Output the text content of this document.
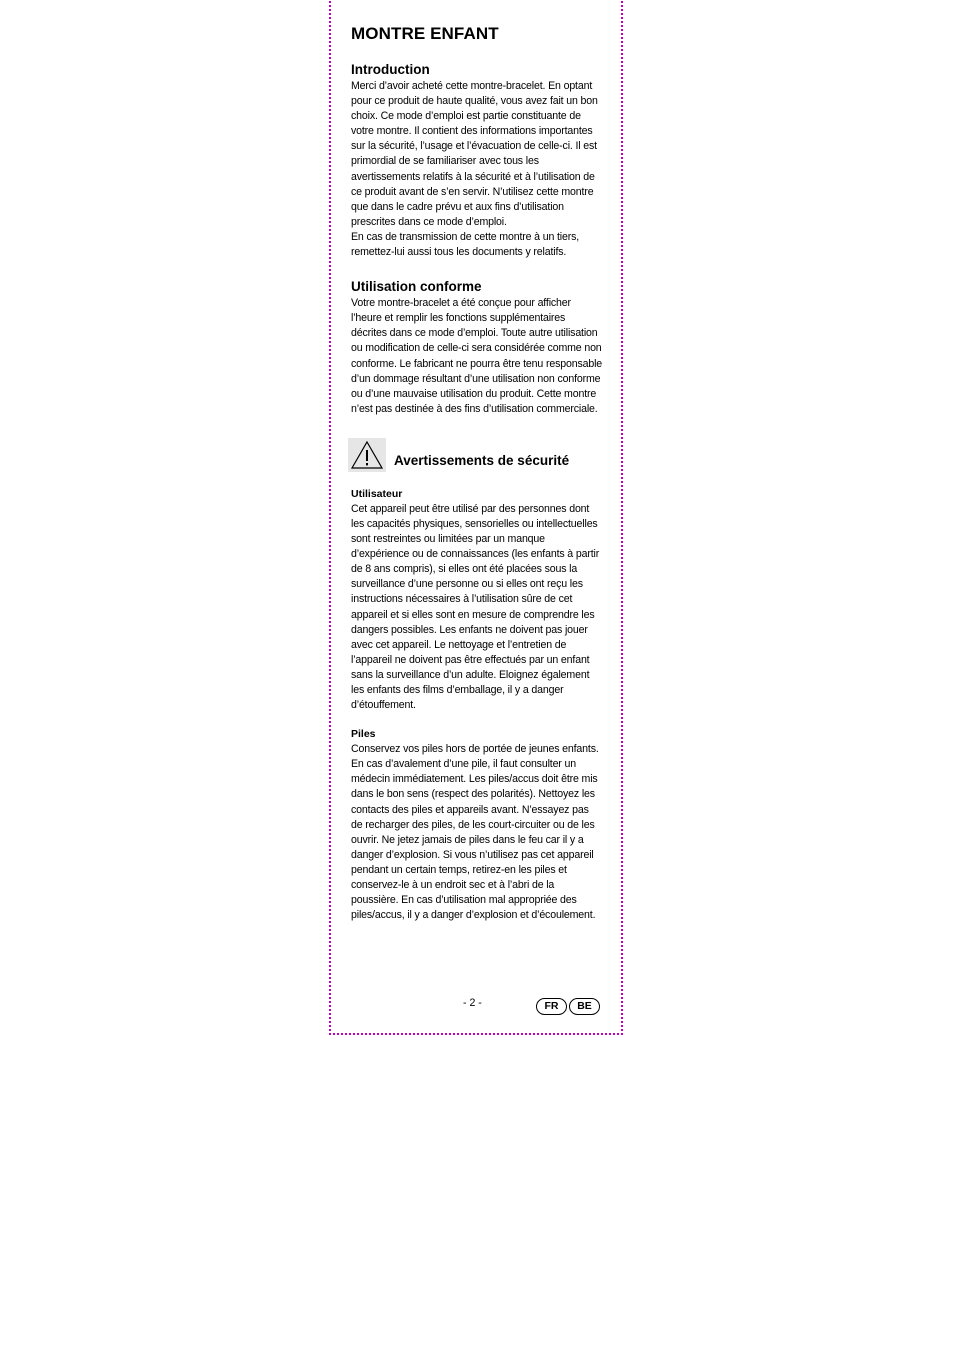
MONTRE ENFANT
Introduction

Merci d’avoir acheté cette montre-bracelet. En optant pour ce produit de haute qualité, vous avez fait un bon choix. Ce mode d’emploi est partie constituante de votre montre. Il contient des informations importantes sur la sécurité, l’usage et l’évacuation de celle-ci. Il est primordial de se familiariser avec tous les avertissements relatifs à la sécurité et à l’utilisation de ce produit avant de s’en servir. N’utilisez cette montre que dans le cadre prévu et aux fins d’utilisation prescrites dans ce mode d’emploi.

En cas de transmission de cette montre à un tiers, remettez-lui aussi tous les documents y relatifs.

Utilisation conforme

Votre montre-bracelet a été conçue pour afficher l’heure et remplir les fonctions supplémentaires décrites dans ce mode d’emploi. Toute autre utilisation ou modification de celle-ci sera considérée comme non conforme. Le fabricant ne pourra être tenu responsable d’un dommage résultant d’une utilisation non conforme ou d’une mauvaise utilisation du produit. Cette montre n’est pas destinée à des fins d’utilisation commerciale.

Avertissements de sécurité
Utilisateur

Cet appareil peut être utilisé par des personnes dont les capacités physiques, sensorielles ou intellectuelles sont restreintes ou limitées par un manque d’expérience ou de connaissances (les enfants à partir de 8 ans compris), si elles ont été placées sous la surveillance d’une personne ou si elles ont reçu les instructions nécessaires à l’utilisation sûre de cet appareil et si elles sont en mesure de comprendre les dangers possibles. Les enfants ne doivent pas jouer avec cet appareil. Le nettoyage et l’entretien de l’appareil ne doivent pas être effectués par un enfant sans la surveillance d’un adulte. Eloignez également les enfants des films d’emballage, il y a danger d’étouffement.

Piles

Conservez vos piles hors de portée de jeunes enfants. En cas d’avalement d’une pile, il faut consulter un médecin immédiatement. Les piles/accus doit être mis dans le bon sens (respect des polarités). Nettoyez les contacts des piles et appareils avant. N’essayez pas de recharger des piles, de les court-circuiter ou de les ouvrir. Ne jetez jamais de piles dans le feu car il y a danger d’explosion. Si vous n’utilisez pas cet appareil pendant un certain temps, retirez-en les piles et conservez-le à un endroit sec et à l’abri de la poussière. En cas d’utilisation mal appropriée des piles/accus, il y a danger d’explosion et d’écoulement.

- 2 -	FR	BE
